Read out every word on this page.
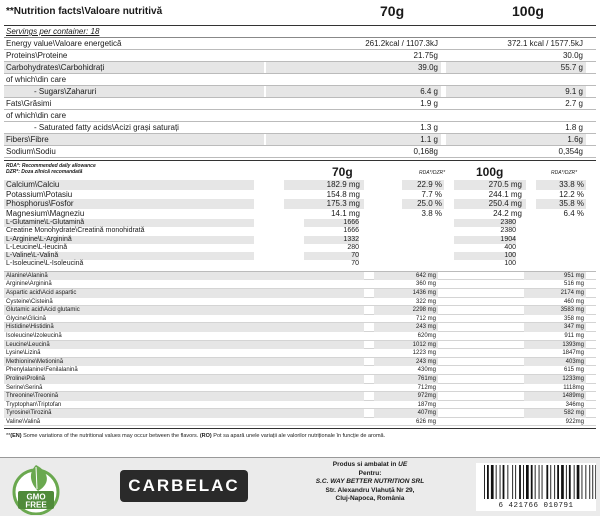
**Nutrition facts\Valoare nutritivă	70g	100g
Servings per container: 18
Energy value\Valoare energetică	261.2kcal / 1107.3kJ	372.1 kcal / 1577.5kJ
Proteins\Proteine	21.75g	30.0g
Carbohydrates\Carbohidrați	39.0g	55.7 g
of which\din care
- Sugars\Zaharuri	6.4 g	9.1 g
Fats\Grăsimi	1.9 g	2.7 g
of which\din care
- Saturated fatty acids\Acizi grași saturați	1.3 g	1.8 g
Fibers\Fibre	1.1 g	1.6g
Sodium\Sodiu	0,168g	0,354g
RDA*: Recommended daily allowance
DZR*: Doza zilnică recomandată	70g	RDA*/DZR*	100g	RDA*/DZR*
Calcium\Calciu	182.9 mg	22.9 %	270.5 mg	33.8 %
Potassium\Potasiu	154.8 mg	7.7 %	244.1 mg	12.2 %
Phosphorus\Fosfor	175.3 mg	25.0 %	250.4 mg	35.8 %
Magnesium\Magneziu	14.1 mg	3.8 %	24.2 mg	6.4 %
L-Glutamine\L-Glutamină	1666	2380
Creatine Monohydrate\Creatină monohidrată	1666	2380
L-Arginine\L-Arginină	1332	1904
L-Leucine\L-leucină	280	400
L-Valine\L-Valină	70	100
L-Isoleucine\L-Isoleucină	70	100
Alanine\Alanină	642 mg	951 mg
Arginine\Arginină	360 mg	516 mg
Aspartic acid\Acid aspartic	1436 mg	2174 mg
Cysteine\Cisteină	322 mg	460 mg
Glutamic acid\Acid glutamic	2298 mg	3583 mg
Glycine\Glicină	712 mg	358 mg
Histidine\Histidină	243 mg	347 mg
Isoleucine\Izoleucină	620mg	911 mg
Leucine\Leucină	1012 mg	1393mg
Lysine\Lizină	1223 mg	1847mg
Methionine\Metionină	243 mg	403mg
Phenylalanine\Fenilalanină	430mg	615 mg
Proline\Prolină	761mg	1233mg
Serine\Serină	712mg	1118mg
Threonine\Treonină	972mg	1489mg
Tryptophan\Triptofan	187mg	346mg
Tyrosine\Tirozină	407mg	582 mg
Valine\Valină	626 mg	922mg
**(EN) Some variations of the nutritional values may occur between the flavors. (RO) Pot sa apară unele variații ale valorilor nutriționale în funcție de aromă.
GMO
FREE
CARBELAC
Produs si ambalat in UE
Pentru:
S.C. WAY BETTER NUTRITION SRL
Str. Alexandru Vlahuță Nr 29,
Cluj-Napoca, România
6 421766 010791
